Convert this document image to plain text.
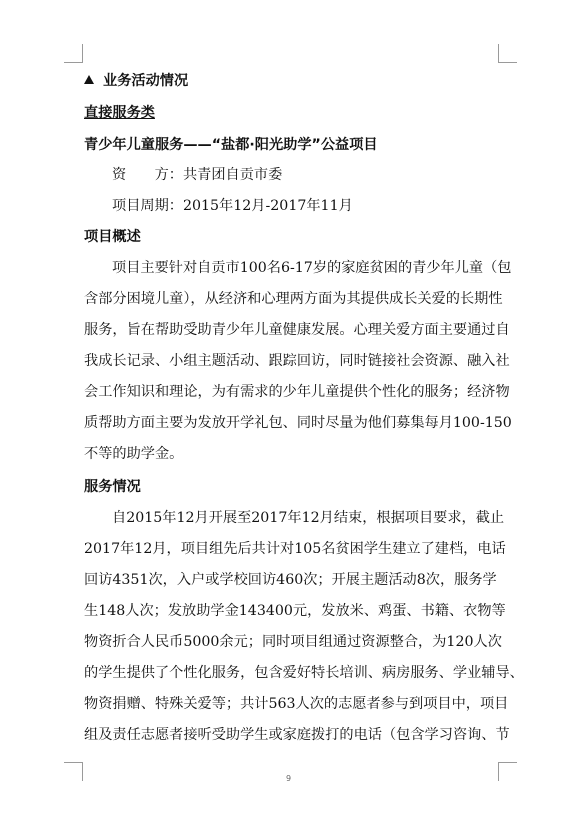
业务活动情况
直接服务类
青少年儿童服务——“盐都·阳光助学”公益项目
资　　方：共青团自贡市委
项目周期：2015年12月-2017年11月
项目概述
项目主要针对自贡市100名6-17岁的家庭贫困的青少年儿童（包
含部分困境儿童），从经济和心理两方面为其提供成长关爱的长期性
服务，旨在帮助受助青少年儿童健康发展。心理关爱方面主要通过自
我成长记录、小组主题活动、跟踪回访，同时链接社会资源、融入社
会工作知识和理论，为有需求的少年儿童提供个性化的服务；经济物
质帮助方面主要为发放开学礼包、同时尽量为他们募集每月100-150
不等的助学金。
服务情况
自2015年12月开展至2017年12月结束，根据项目要求，截止
2017年12月，项目组先后共计对105名贫困学生建立了建档，电话
回访4351次，入户或学校回访460次；开展主题活动8次，服务学
生148人次；发放助学金143400元，发放米、鸡蛋、书籍、衣物等
物资折合人民币5000余元；同时项目组通过资源整合，为120人次
的学生提供了个性化服务，包含爱好特长培训、病房服务、学业辅导、
物资捐赠、特殊关爱等；共计563人次的志愿者参与到项目中，项目
组及责任志愿者接听受助学生或家庭拨打的电话（包含学习咨询、节
9
